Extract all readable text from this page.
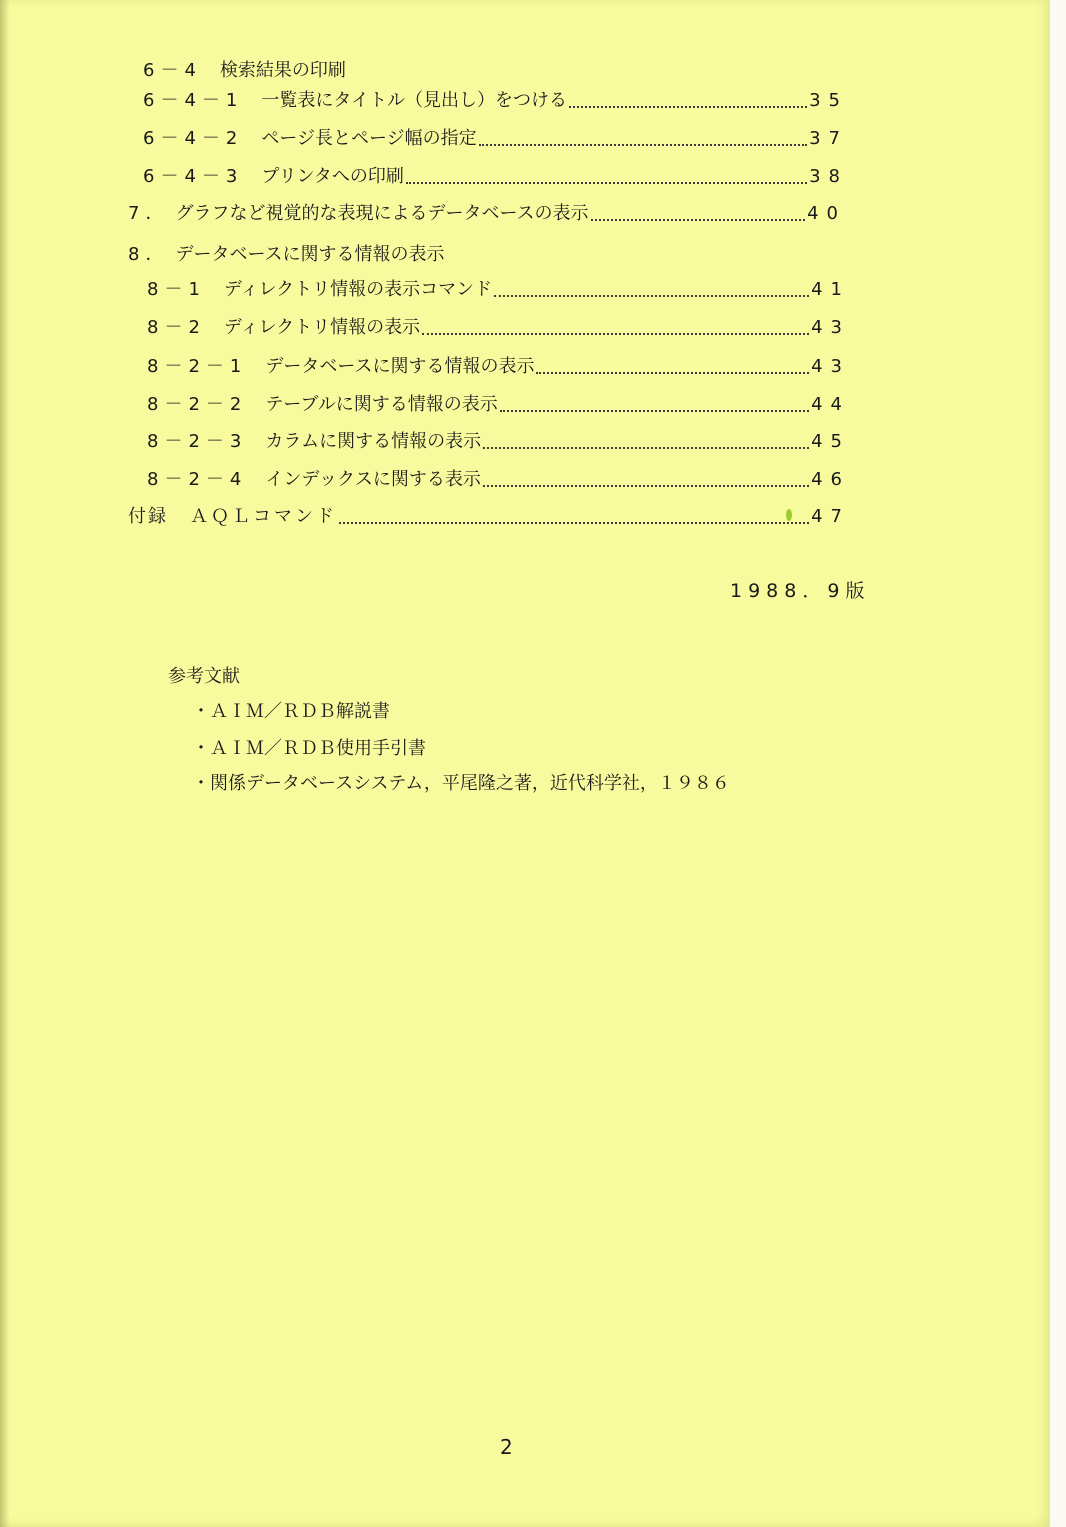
6－4 検索結果の印刷
6－4－1 一覧表にタイトル（見出し）をつける	35
6－4－2 ページ長とページ幅の指定	37
6－4－3 プリンタへの印刷	38
7． グラフなど視覚的な表現によるデータベースの表示	40
8． データベースに関する情報の表示
8－1 ディレクトリ情報の表示コマンド	41
8－2 ディレクトリ情報の表示	43
8－2－1 データベースに関する情報の表示	43
8－2－2 テーブルに関する情報の表示	44
8－2－3 カラムに関する情報の表示	45
8－2－4 インデックスに関する表示	46
付録 ＡＱＬコマンド	47
1988．9版
参考文献
・ＡＩＭ／ＲＤＢ解説書
・ＡＩＭ／ＲＤＢ使用手引書
・関係データベースシステム，平尾隆之著，近代科学社，１９８６
2
